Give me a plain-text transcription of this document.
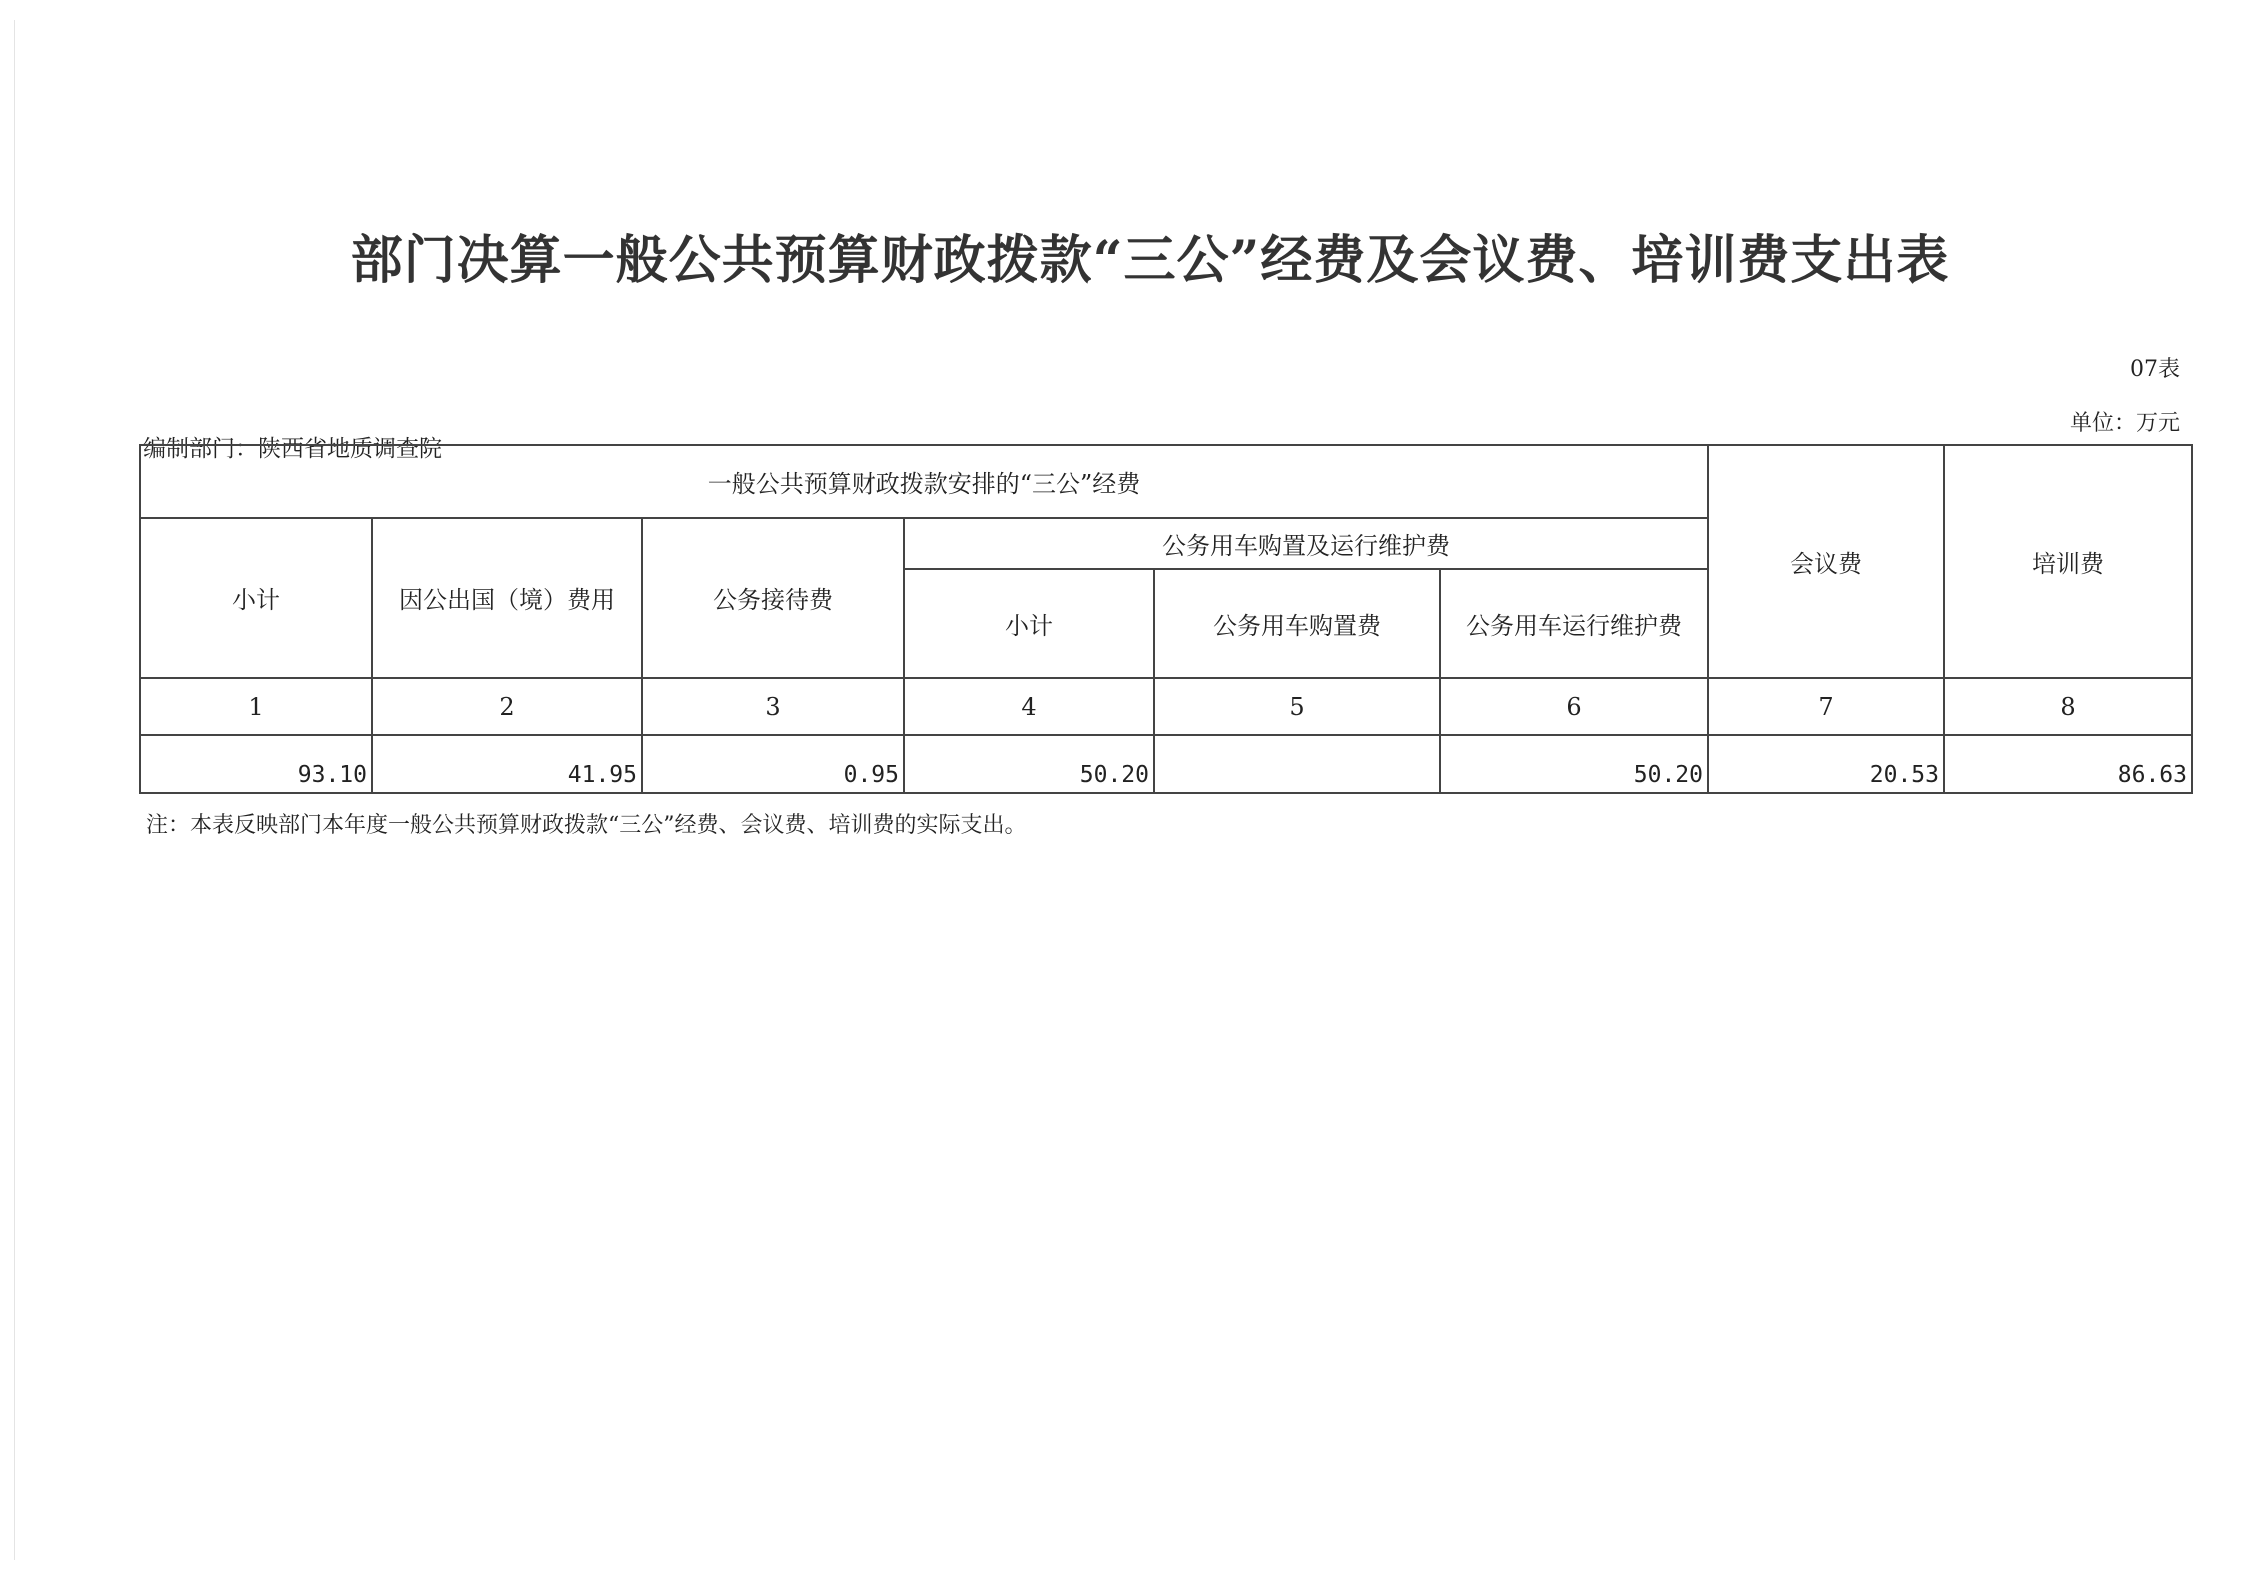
部门决算一般公共预算财政拨款“三公”经费及会议费、培训费支出表
07表
单位：万元
编制部门：陕西省地质调查院
一般公共预算财政拨款安排的“三公”经费						会议费	培训费
小计	因公出国（境）费用	公务接待费	公务用车购置及运行维护费				
			小计	公务用车购置费	公务用车运行维护费		
1	2	3	4	5	6	7	8
93.10	41.95	0.95	50.20		50.20	20.53	86.63
注：本表反映部门本年度一般公共预算财政拨款“三公”经费、会议费、培训费的实际支出。
